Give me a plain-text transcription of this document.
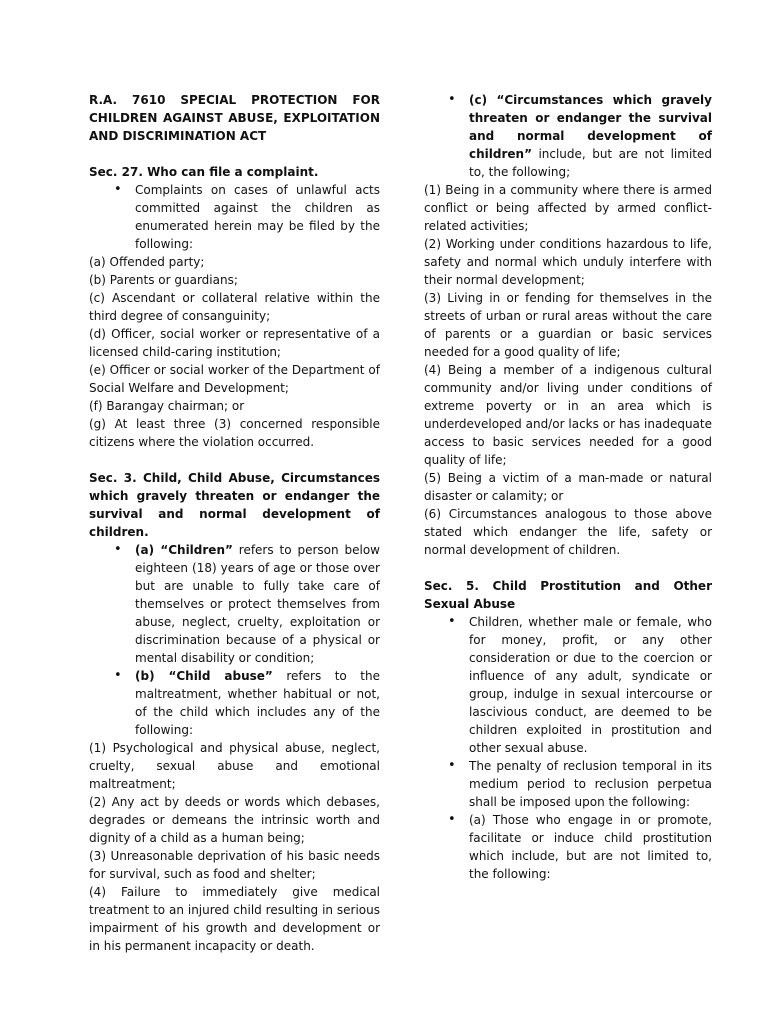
R.A. 7610 SPECIAL PROTECTION FOR CHILDREN AGAINST ABUSE, EXPLOITATION AND DISCRIMINATION ACT

Sec. 27. Who can file a complaint.

• Complaints on cases of unlawful acts committed against the children as enumerated herein may be filed by the following:

(a) Offended party;

(b) Parents or guardians;

(c) Ascendant or collateral relative within the third degree of consanguinity;

(d) Officer, social worker or representative of a licensed child-caring institution;

(e) Officer or social worker of the Department of Social Welfare and Development;

(f) Barangay chairman; or

(g) At least three (3) concerned responsible citizens where the violation occurred.

Sec. 3. Child, Child Abuse, Circumstances which gravely threaten or endanger the survival and normal development of children.

• (a) “Children” refers to person below eighteen (18) years of age or those over but are unable to fully take care of themselves or protect themselves from abuse, neglect, cruelty, exploitation or discrimination because of a physical or mental disability or condition;
• (b) “Child abuse” refers to the maltreatment, whether habitual or not, of the child which includes any of the following:

(1) Psychological and physical abuse, neglect, cruelty, sexual abuse and emotional maltreatment;

(2) Any act by deeds or words which debases, degrades or demeans the intrinsic worth and dignity of a child as a human being;

(3) Unreasonable deprivation of his basic needs for survival, such as food and shelter;

(4) Failure to immediately give medical treatment to an injured child resulting in serious impairment of his growth and development or in his permanent incapacity or death.

• (c) “Circumstances which gravely threaten or endanger the survival and normal development of children” include, but are not limited to, the following;

(1) Being in a community where there is armed conflict or being affected by armed conflict-related activities;

(2) Working under conditions hazardous to life, safety and normal which unduly interfere with their normal development;

(3) Living in or fending for themselves in the streets of urban or rural areas without the care of parents or a guardian or basic services needed for a good quality of life;

(4) Being a member of a indigenous cultural community and/or living under conditions of extreme poverty or in an area which is underdeveloped and/or lacks or has inadequate access to basic services needed for a good quality of life;

(5) Being a victim of a man-made or natural disaster or calamity; or

(6) Circumstances analogous to those above stated which endanger the life, safety or normal development of children.

Sec. 5. Child Prostitution and Other Sexual Abuse

• Children, whether male or female, who for money, profit, or any other consideration or due to the coercion or influence of any adult, syndicate or group, indulge in sexual intercourse or lascivious conduct, are deemed to be children exploited in prostitution and other sexual abuse.
• The penalty of reclusion temporal in its medium period to reclusion perpetua shall be imposed upon the following:
• (a) Those who engage in or promote, facilitate or induce child prostitution which include, but are not limited to, the following:
